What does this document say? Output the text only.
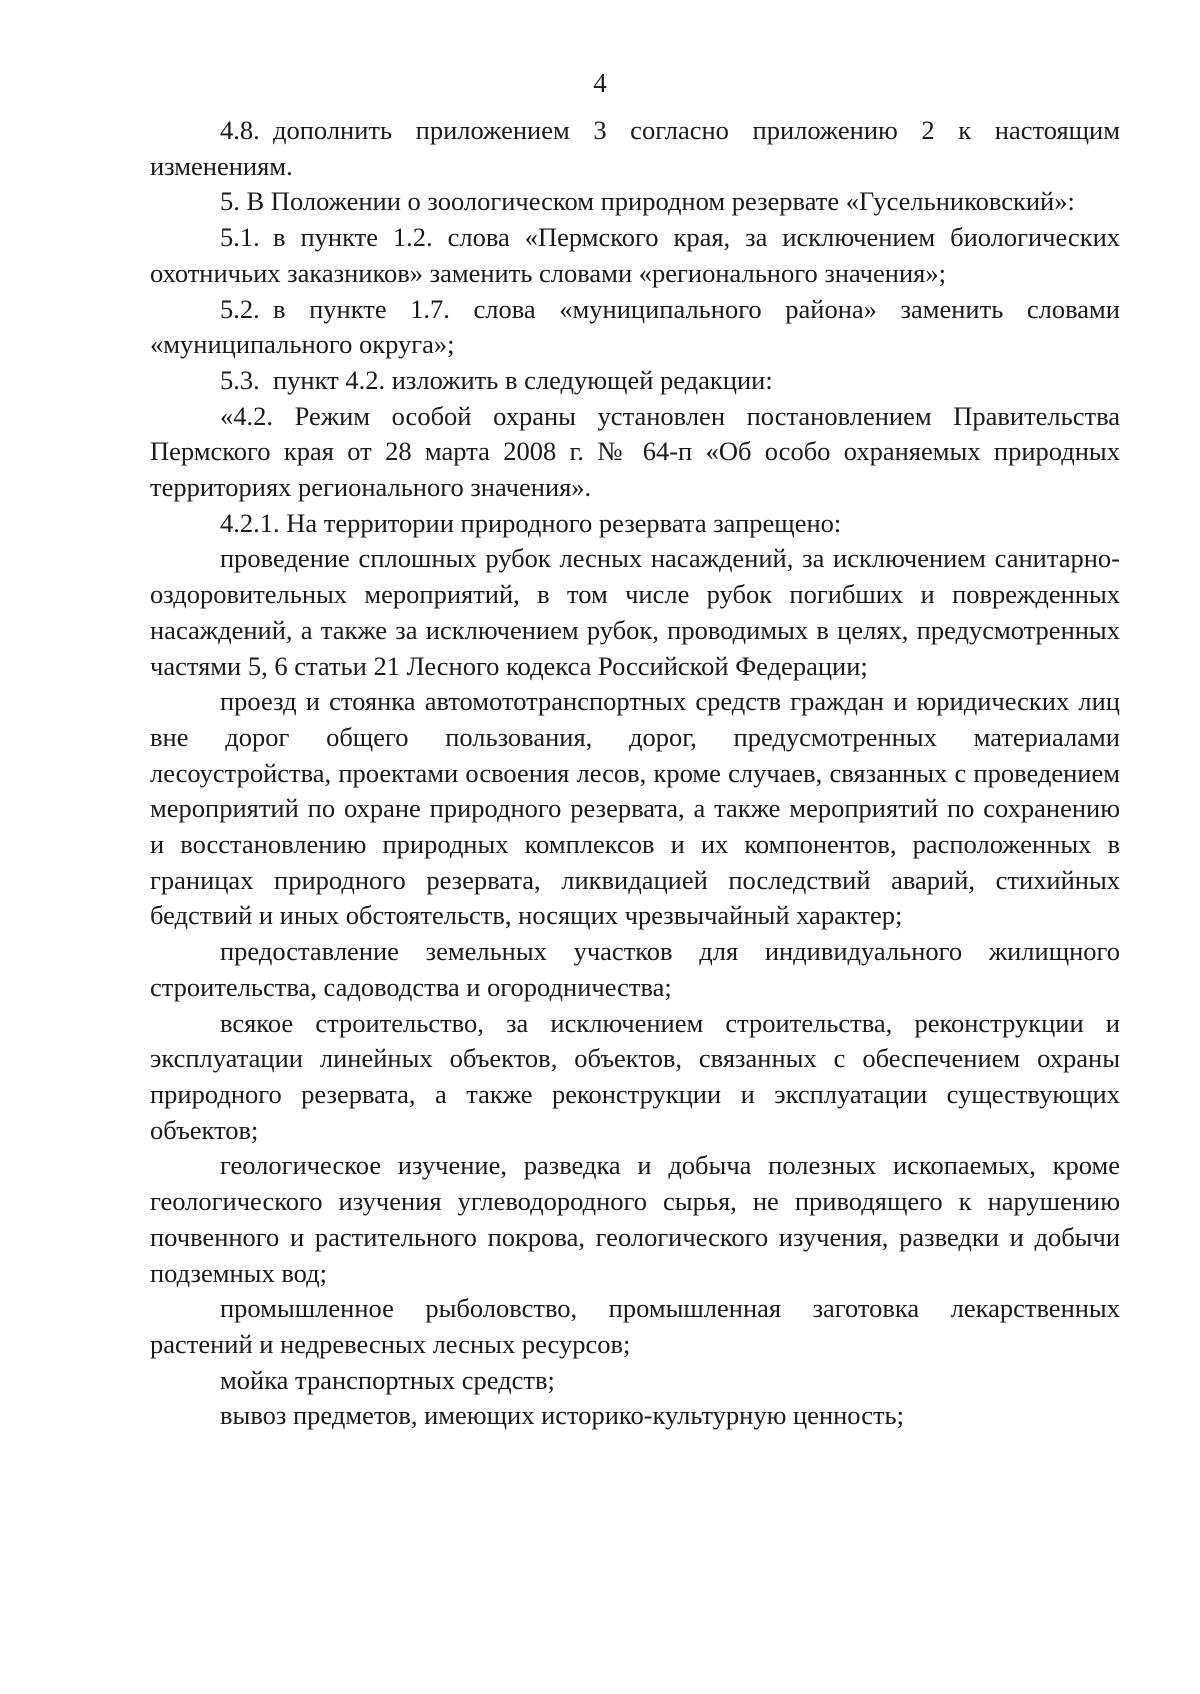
4

4.8. дополнить приложением 3 согласно приложению 2 к настоящим изменениям.

5. В Положении о зоологическом природном резервате «Гусельниковский»:

5.1. в пункте 1.2. слова «Пермского края, за исключением биологических охотничьих заказников» заменить словами «регионального значения»;

5.2. в пункте 1.7. слова «муниципального района» заменить словами «муниципального округа»;

5.3. пункт 4.2. изложить в следующей редакции:

«4.2. Режим особой охраны установлен постановлением Правительства Пермского края от 28 марта 2008 г. № 64-п «Об особо охраняемых природных территориях регионального значения».

4.2.1. На территории природного резервата запрещено:

проведение сплошных рубок лесных насаждений, за исключением санитарно-оздоровительных мероприятий, в том числе рубок погибших и поврежденных насаждений, а также за исключением рубок, проводимых в целях, предусмотренных частями 5, 6 статьи 21 Лесного кодекса Российской Федерации;

проезд и стоянка автомототранспортных средств граждан и юридических лиц вне дорог общего пользования, дорог, предусмотренных материалами лесоустройства, проектами освоения лесов, кроме случаев, связанных с проведением мероприятий по охране природного резервата, а также мероприятий по сохранению и восстановлению природных комплексов и их компонентов, расположенных в границах природного резервата, ликвидацией последствий аварий, стихийных бедствий и иных обстоятельств, носящих чрезвычайный характер;

предоставление земельных участков для индивидуального жилищного строительства, садоводства и огородничества;

всякое строительство, за исключением строительства, реконструкции и эксплуатации линейных объектов, объектов, связанных с обеспечением охраны природного резервата, а также реконструкции и эксплуатации существующих объектов;

геологическое изучение, разведка и добыча полезных ископаемых, кроме геологического изучения углеводородного сырья, не приводящего к нарушению почвенного и растительного покрова, геологического изучения, разведки и добычи подземных вод;

промышленное рыболовство, промышленная заготовка лекарственных растений и недревесных лесных ресурсов;

мойка транспортных средств;

вывоз предметов, имеющих историко-культурную ценность;
